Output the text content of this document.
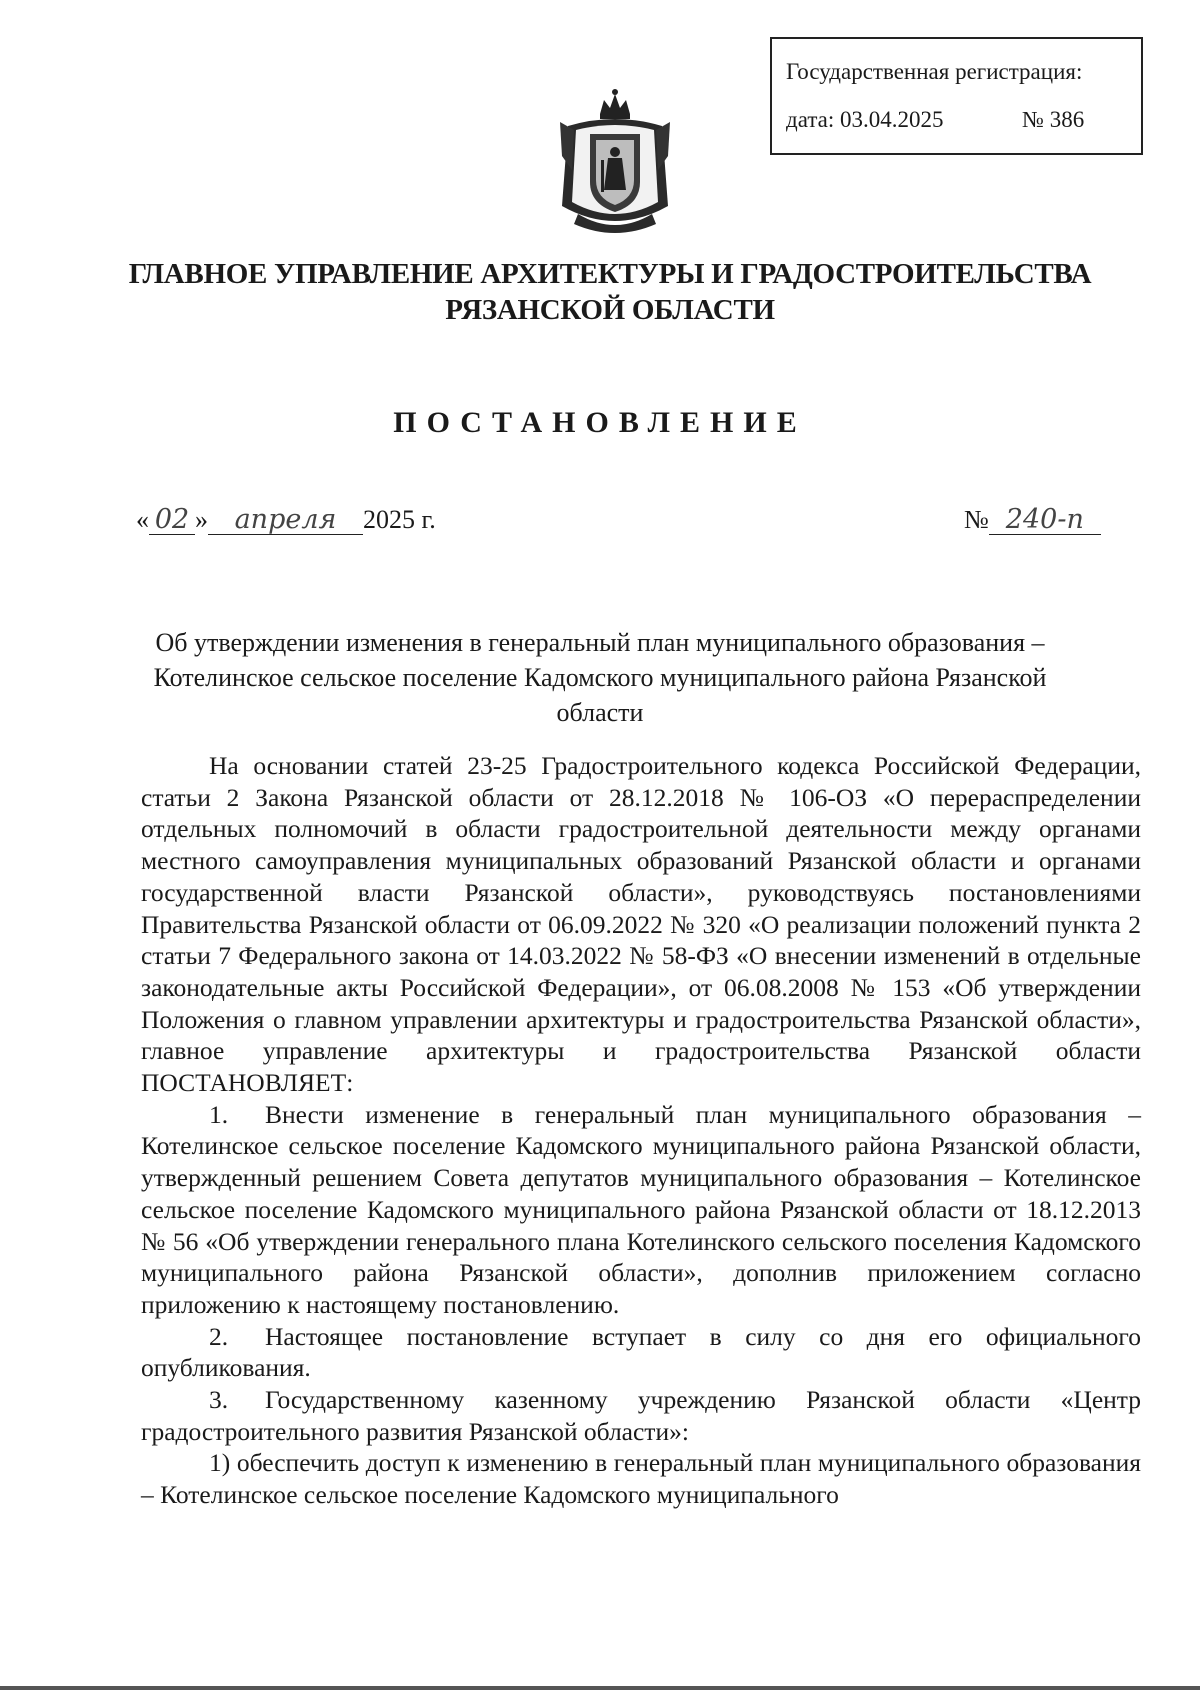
Государственная регистрация:
дата: 03.04.2025	№ 386
ГЛАВНОЕ УПРАВЛЕНИЕ АРХИТЕКТУРЫ И ГРАДОСТРОИТЕЛЬСТВА
РЯЗАНСКОЙ ОБЛАСТИ
ПОСТАНОВЛЕНИЕ
« 02 » апреля 2025 г.	№ 240-п
Об утверждении изменения в генеральный план муниципального образования – Котелинское сельское поселение Кадомского муниципального района Рязанской области

На основании статей 23-25 Градостроительного кодекса Российской Федерации, статьи 2 Закона Рязанской области от 28.12.2018 № 106-ОЗ «О перераспределении отдельных полномочий в области градостроительной деятельности между органами местного самоуправления муниципальных образований Рязанской области и органами государственной власти Рязанской области», руководствуясь постановлениями Правительства Рязанской области от 06.09.2022 № 320 «О реализации положений пункта 2 статьи 7 Федерального закона от 14.03.2022 № 58-ФЗ «О внесении изменений в отдельные законодательные акты Российской Федерации», от 06.08.2008 № 153 «Об утверждении Положения о главном управлении архитектуры и градостроительства Рязанской области», главное управление архитектуры и градостроительства Рязанской области ПОСТАНОВЛЯЕТ:

1. Внести изменение в генеральный план муниципального образования – Котелинское сельское поселение Кадомского муниципального района Рязанской области, утвержденный решением Совета депутатов муниципального образования – Котелинское сельское поселение Кадомского муниципального района Рязанской области от 18.12.2013 № 56 «Об утверждении генерального плана Котелинского сельского поселения Кадомского муниципального района Рязанской области», дополнив приложением согласно приложению к настоящему постановлению.

2. Настоящее постановление вступает в силу со дня его официального опубликования.

3. Государственному казенному учреждению Рязанской области «Центр градостроительного развития Рязанской области»:

1) обеспечить доступ к изменению в генеральный план муниципального образования – Котелинское сельское поселение Кадомского муниципального
